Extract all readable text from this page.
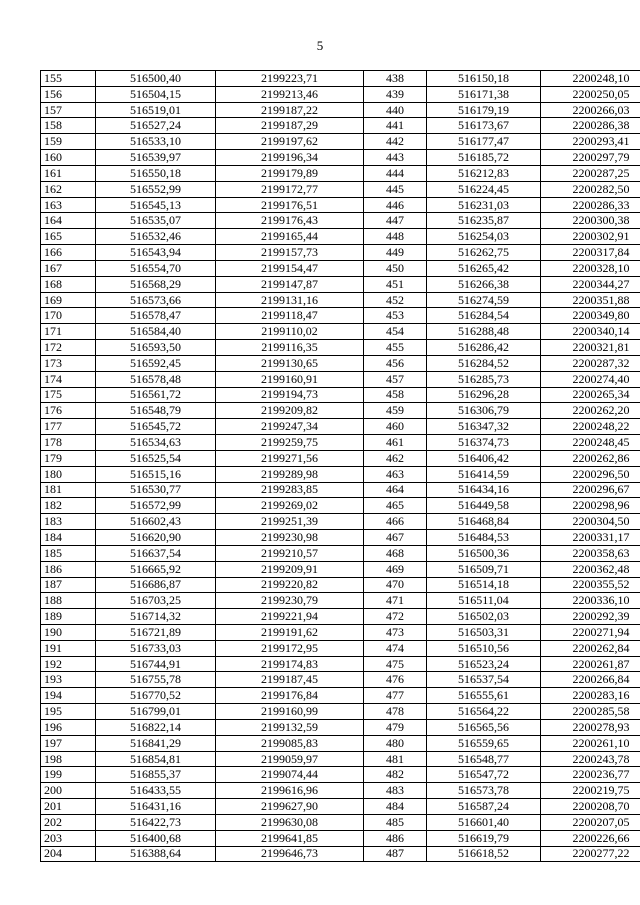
5
155	516500,40	2199223,71	438	516150,18	2200248,10
156	516504,15	2199213,46	439	516171,38	2200250,05
157	516519,01	2199187,22	440	516179,19	2200266,03
158	516527,24	2199187,29	441	516173,67	2200286,38
159	516533,10	2199197,62	442	516177,47	2200293,41
160	516539,97	2199196,34	443	516185,72	2200297,79
161	516550,18	2199179,89	444	516212,83	2200287,25
162	516552,99	2199172,77	445	516224,45	2200282,50
163	516545,13	2199176,51	446	516231,03	2200286,33
164	516535,07	2199176,43	447	516235,87	2200300,38
165	516532,46	2199165,44	448	516254,03	2200302,91
166	516543,94	2199157,73	449	516262,75	2200317,84
167	516554,70	2199154,47	450	516265,42	2200328,10
168	516568,29	2199147,87	451	516266,38	2200344,27
169	516573,66	2199131,16	452	516274,59	2200351,88
170	516578,47	2199118,47	453	516284,54	2200349,80
171	516584,40	2199110,02	454	516288,48	2200340,14
172	516593,50	2199116,35	455	516286,42	2200321,81
173	516592,45	2199130,65	456	516284,52	2200287,32
174	516578,48	2199160,91	457	516285,73	2200274,40
175	516561,72	2199194,73	458	516296,28	2200265,34
176	516548,79	2199209,82	459	516306,79	2200262,20
177	516545,72	2199247,34	460	516347,32	2200248,22
178	516534,63	2199259,75	461	516374,73	2200248,45
179	516525,54	2199271,56	462	516406,42	2200262,86
180	516515,16	2199289,98	463	516414,59	2200296,50
181	516530,77	2199283,85	464	516434,16	2200296,67
182	516572,99	2199269,02	465	516449,58	2200298,96
183	516602,43	2199251,39	466	516468,84	2200304,50
184	516620,90	2199230,98	467	516484,53	2200331,17
185	516637,54	2199210,57	468	516500,36	2200358,63
186	516665,92	2199209,91	469	516509,71	2200362,48
187	516686,87	2199220,82	470	516514,18	2200355,52
188	516703,25	2199230,79	471	516511,04	2200336,10
189	516714,32	2199221,94	472	516502,03	2200292,39
190	516721,89	2199191,62	473	516503,31	2200271,94
191	516733,03	2199172,95	474	516510,56	2200262,84
192	516744,91	2199174,83	475	516523,24	2200261,87
193	516755,78	2199187,45	476	516537,54	2200266,84
194	516770,52	2199176,84	477	516555,61	2200283,16
195	516799,01	2199160,99	478	516564,22	2200285,58
196	516822,14	2199132,59	479	516565,56	2200278,93
197	516841,29	2199085,83	480	516559,65	2200261,10
198	516854,81	2199059,97	481	516548,77	2200243,78
199	516855,37	2199074,44	482	516547,72	2200236,77
200	516433,55	2199616,96	483	516573,78	2200219,75
201	516431,16	2199627,90	484	516587,24	2200208,70
202	516422,73	2199630,08	485	516601,40	2200207,05
203	516400,68	2199641,85	486	516619,79	2200226,66
204	516388,64	2199646,73	487	516618,52	2200277,22
